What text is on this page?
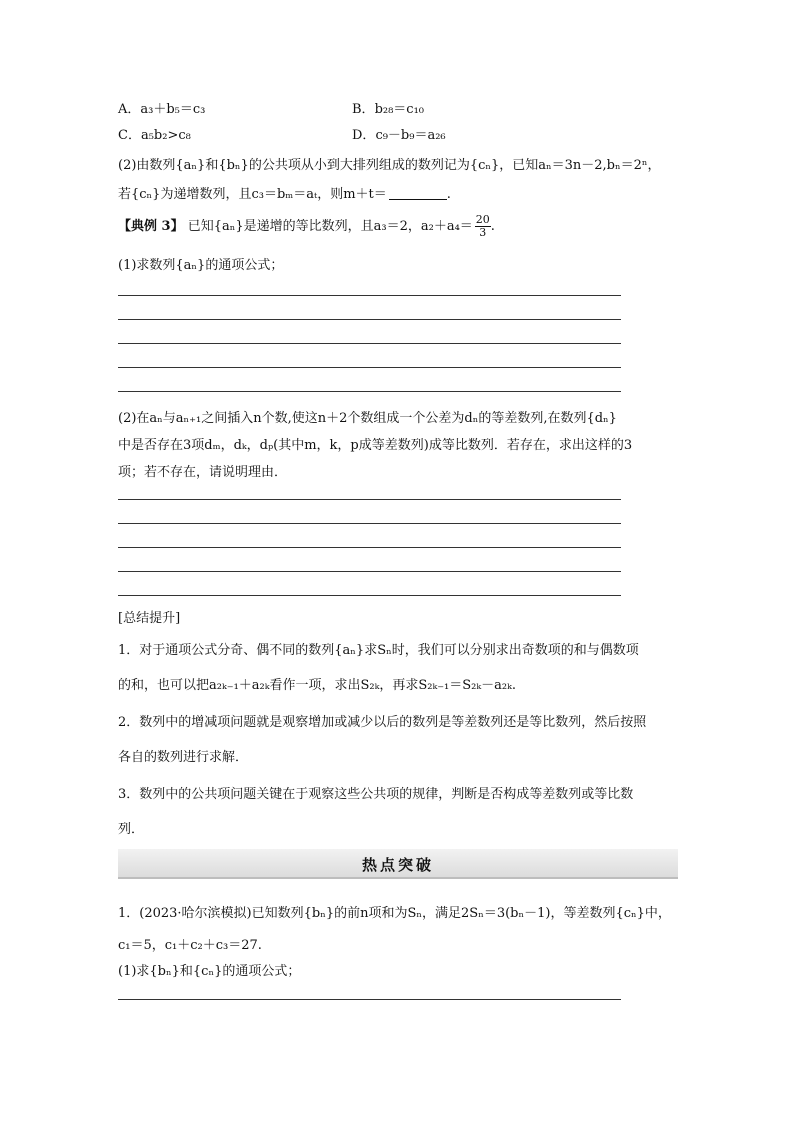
A．a₃＋b₅＝c₃	B．b₂₈＝c₁₀
C．a₅b₂>c₈	D．c₉－b₉＝a₂₆
(2)由数列{aₙ}和{bₙ}的公共项从小到大排列组成的数列记为{cₙ}，已知aₙ＝3n－2,bₙ＝2ⁿ，
若{cₙ}为递增数列，且c₃＝bₘ＝aₜ，则m＋t＝	.
【典例 3】 已知{aₙ}是递增的等比数列，且a₃＝2，$a_2+a_4= \frac{20}{3}$ .
(1)求数列{aₙ}的通项公式；
(2)在aₙ与aₙ₊₁之间插入n个数,使这n＋2个数组成一个公差为dₙ的等差数列,在数列{dₙ}
中是否存在3项dₘ，dₖ，dₚ(其中m，k，p成等差数列)成等比数列．若存在，求出这样的3
项；若不存在，请说明理由．
[总结提升]
1．对于通项公式分奇、偶不同的数列{aₙ}求Sₙ时，我们可以分别求出奇数项的和与偶数项
的和，也可以把a₂ₖ₋₁＋a₂ₖ看作一项，求出S₂ₖ，再求S₂ₖ₋₁＝S₂ₖ－a₂ₖ.
2．数列中的增减项问题就是观察增加或减少以后的数列是等差数列还是等比数列，然后按照
各自的数列进行求解．
3．数列中的公共项问题关键在于观察这些公共项的规律，判断是否构成等差数列或等比数
列．
热点突破
1．(2023·哈尔滨模拟)已知数列{bₙ}的前n项和为Sₙ，满足2Sₙ＝3(bₙ－1)，等差数列{cₙ}中，
c₁＝5，c₁＋c₂＋c₃＝27.
(1)求{bₙ}和{cₙ}的通项公式；
